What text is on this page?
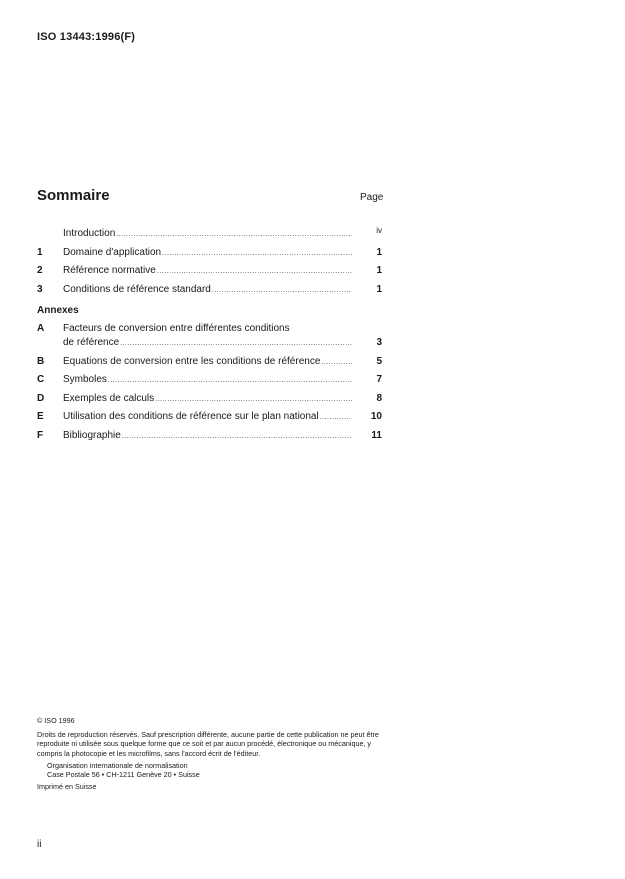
ISO 13443:1996(F)
Sommaire	Page
Introduction .....	iv
1 Domaine d'application .....	1
2 Référence normative .....	1
3 Conditions de référence standard .....	1
Annexes
A Facteurs de conversion entre différentes conditions
de référence .....	3
B Équations de conversion entre les conditions de référence .....	5
C Symboles .....	7
D Exemples de calculs .....	8
E Utilisation des conditions de référence sur le plan national .....	10
F Bibliographie .....	11

© ISO 1996

Droits de reproduction réservés. Sauf prescription différente, aucune partie de cette publication ne peut être reproduite ni utilisée sous quelque forme que ce soit et par aucun procédé, électronique ou mécanique, y compris la photocopie et les microfilms, sans l'accord écrit de l'éditeur.

Organisation internationale de normalisation

Case Postale 56 • CH-1211 Genève 20 • Suisse

Imprimé en Suisse

ii
